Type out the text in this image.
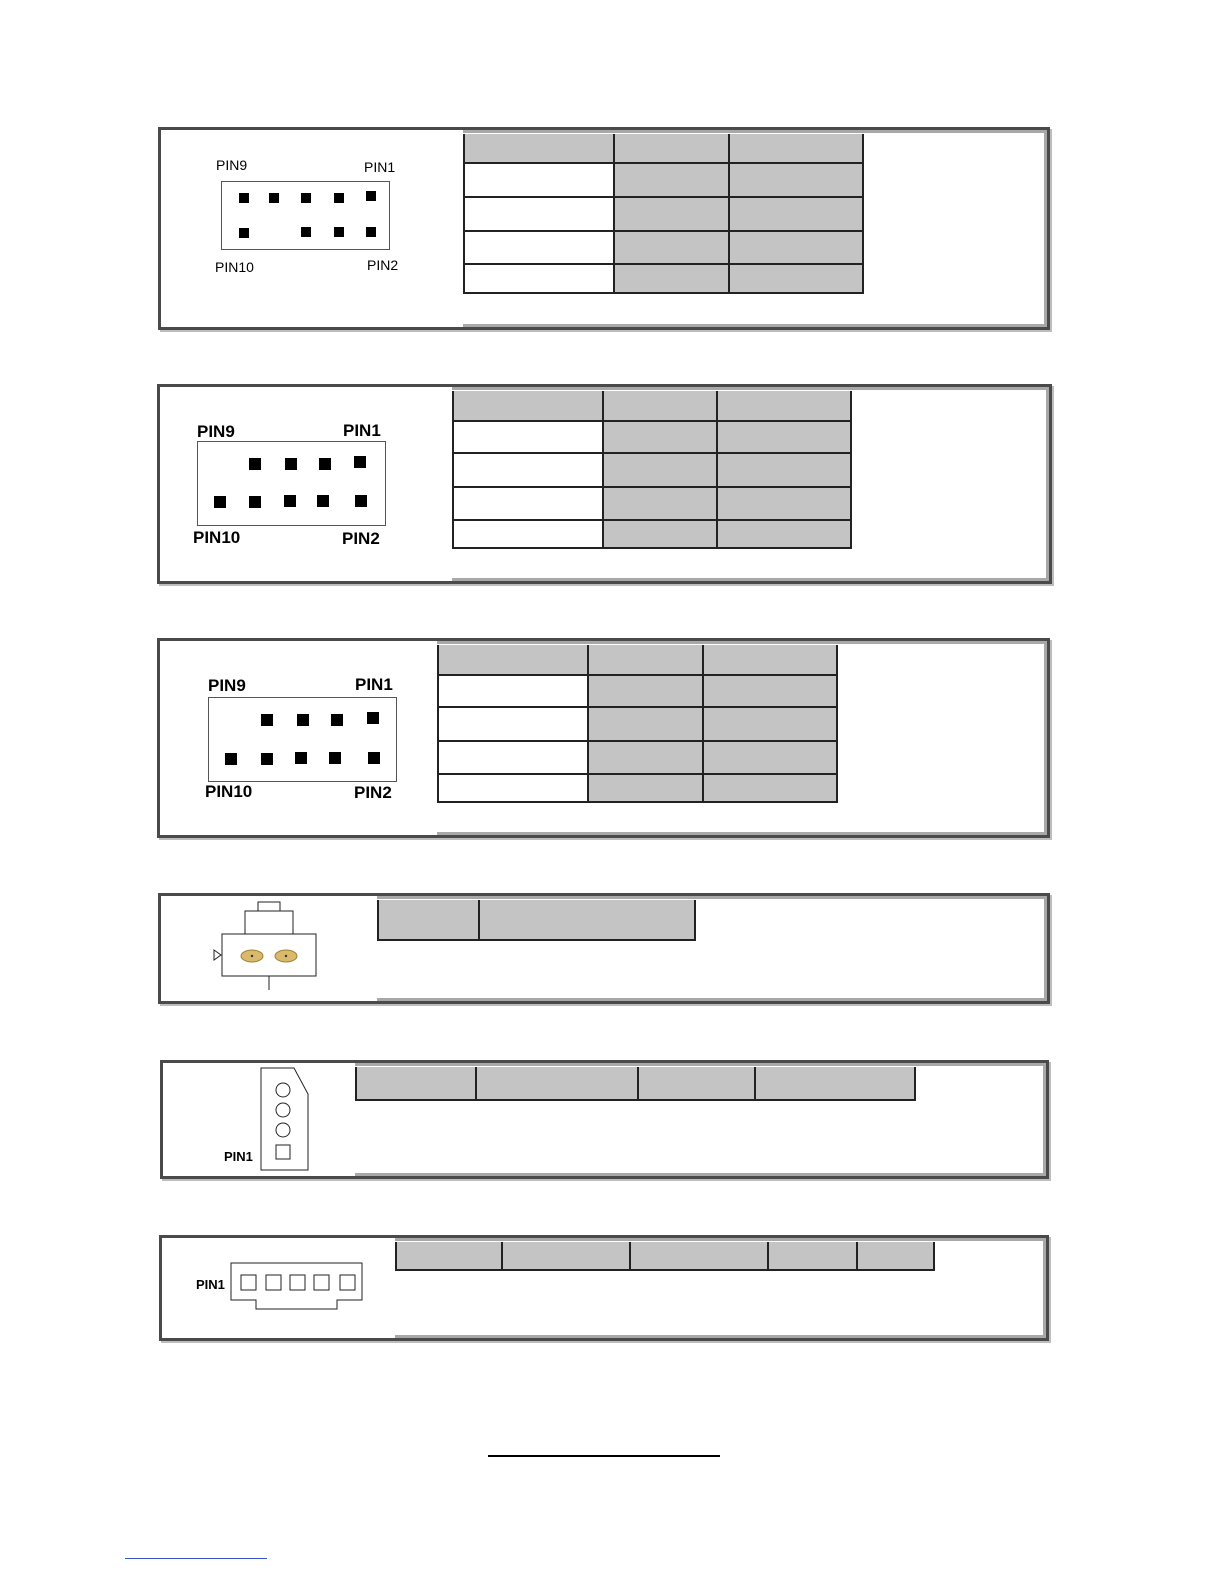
PIN9	PIN1
PIN10	PIN2

PIN9	PIN1
PIN10	PIN2

PIN9	PIN1
PIN10	PIN2

PIN1

PIN1
